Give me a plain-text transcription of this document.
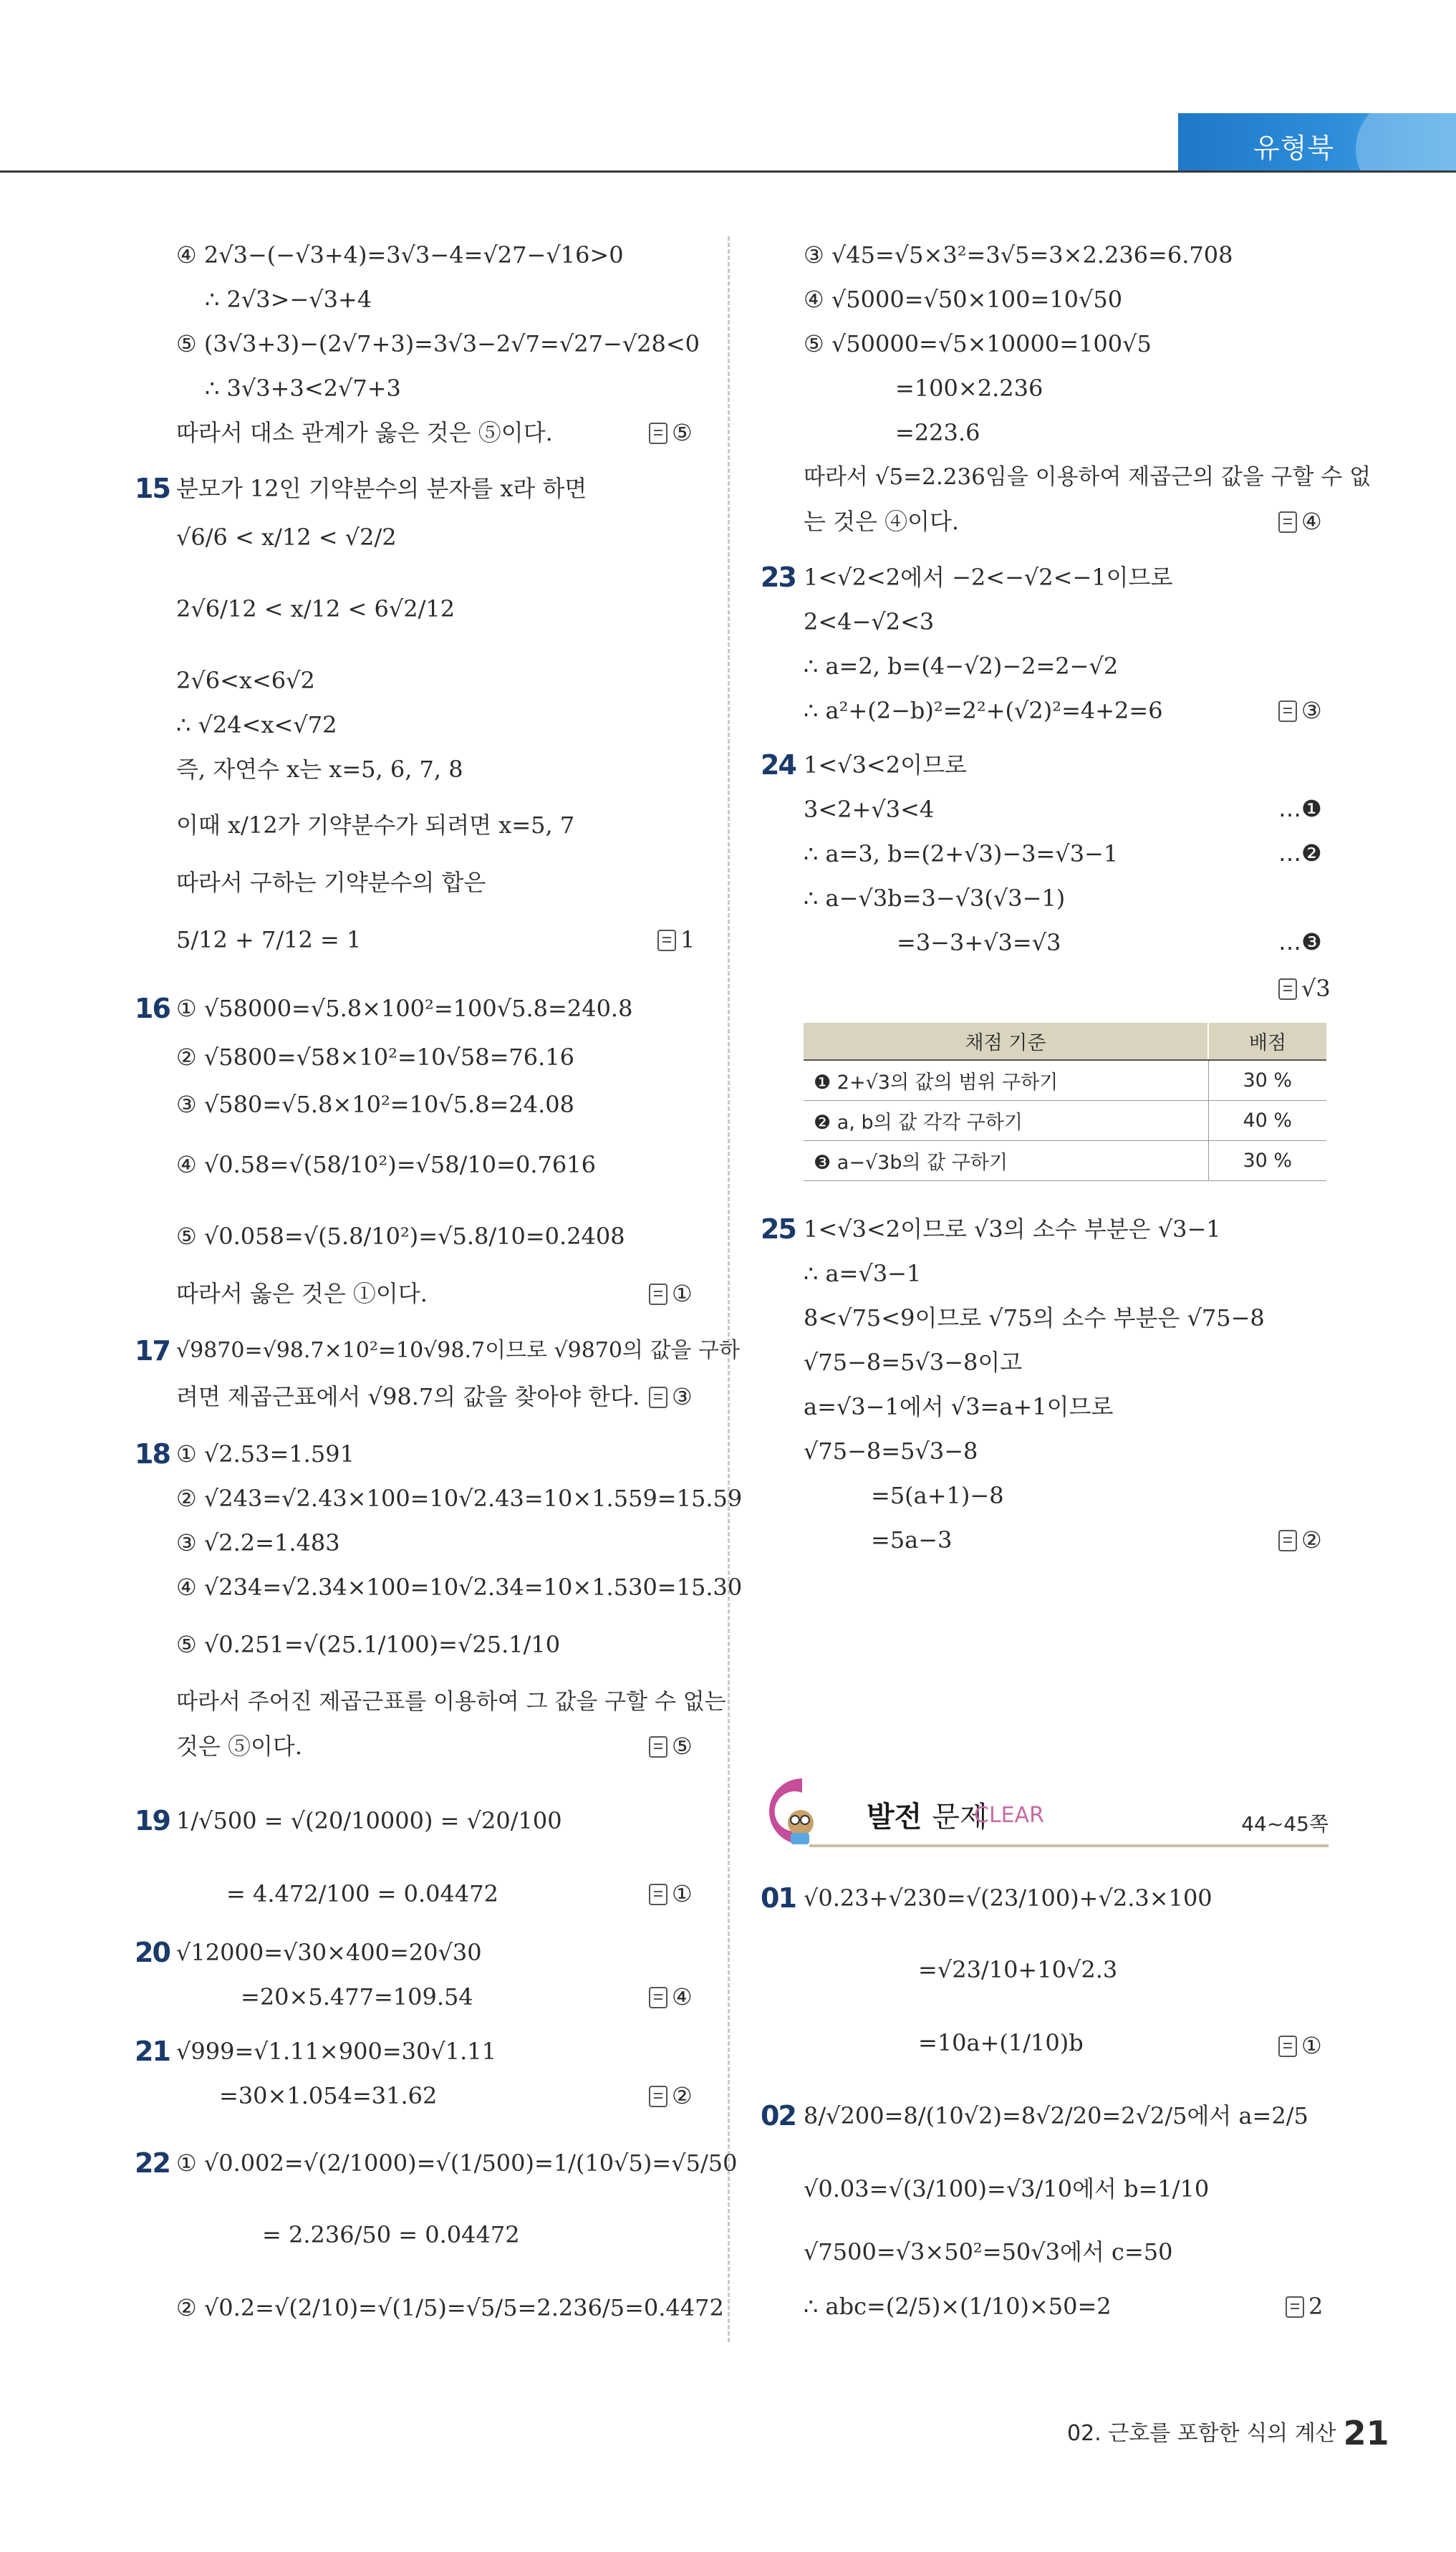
유형북
④ 2√3−(−√3+4)=3√3−4=√27−√16>0
∴ 2√3>−√3+4
⑤ (3√3+3)−(2√7+3)=3√3−2√7=√27−√28<0
∴ 3√3+3<2√7+3
따라서 대소 관계가 옳은 것은 ⑤이다.	⑤
15 분모가 12인 기약분수의 분자를 x라 하면
√6/6 < x/12 < √2/2
2√6/12 < x/12 < 6√2/12
2√6<x<6√2
∴ √24<x<√72
즉, 자연수 x는 x=5, 6, 7, 8
이때 x/12가 기약분수가 되려면 x=5, 7
따라서 구하는 기약분수의 합은
5/12 + 7/12 = 1	1
16 ① √58000=√5.8×100²=100√5.8=240.8
② √5800=√58×10²=10√58=76.16
③ √580=√5.8×10²=10√5.8=24.08
④ √0.58=√(58/10²)=√58/10=0.7616
⑤ √0.058=√(5.8/10²)=√5.8/10=0.2408
따라서 옳은 것은 ①이다.	①
17 √9870=√98.7×10²=10√98.7이므로 √9870의 값을 구하
려면 제곱근표에서 √98.7의 값을 찾아야 한다.	③
18 ① √2.53=1.591
② √243=√2.43×100=10√2.43=10×1.559=15.59
③ √2.2=1.483
④ √234=√2.34×100=10√2.34=10×1.530=15.30
⑤ √0.251=√(25.1/100)=√25.1/10
따라서 주어진 제곱근표를 이용하여 그 값을 구할 수 없는
것은 ⑤이다.	⑤
19 1/√500 = √(20/10000) = √20/100
= 4.472/100 = 0.04472	①
20 √12000=√30×400=20√30
=20×5.477=109.54	④
21 √999=√1.11×900=30√1.11
=30×1.054=31.62	②
22 ① √0.002=√(2/1000)=√(1/500)=1/(10√5)=√5/50
= 2.236/50 = 0.04472
② √0.2=√(2/10)=√(1/5)=√5/5=2.236/5=0.4472
③ √45=√5×3²=3√5=3×2.236=6.708
④ √5000=√50×100=10√50
⑤ √50000=√5×10000=100√5
=100×2.236
=223.6
따라서 √5=2.236임을 이용하여 제곱근의 값을 구할 수 없
는 것은 ④이다.	④
23 1<√2<2에서 −2<−√2<−1이므로
2<4−√2<3
∴ a=2, b=(4−√2)−2=2−√2
∴ a²+(2−b)²=2²+(√2)²=4+2=6	③
24 1<√3<2이므로
3<2+√3<4	…❶
∴ a=3, b=(2+√3)−3=√3−1	…❷
∴ a−√3b=3−√3(√3−1)
=3−3+√3=√3	…❸
√3
채점 기준	배점
❶ 2+√3의 값의 범위 구하기	30 %
❷ a, b의 값 각각 구하기	40 %
❸ a−√3b의 값 구하기	30 %
25 1<√3<2이므로 √3의 소수 부분은 √3−1
∴ a=√3−1
8<√75<9이므로 √75의 소수 부분은 √75−8
√75−8=5√3−8이고
a=√3−1에서 √3=a+1이므로
√75−8=5√3−8
=5(a+1)−8
=5a−3	②
발전 문제
CLEAR	44~45쪽
01 √0.23+√230=√(23/100)+√2.3×100
=√23/10+10√2.3
=10a+(1/10)b	①
02 8/√200=8/(10√2)=8√2/20=2√2/5에서 a=2/5
√0.03=√(3/100)=√3/10에서 b=1/10
√7500=√3×50²=50√3에서 c=50
∴ abc=(2/5)×(1/10)×50=2	2
02. 근호를 포함한 식의 계산 21
